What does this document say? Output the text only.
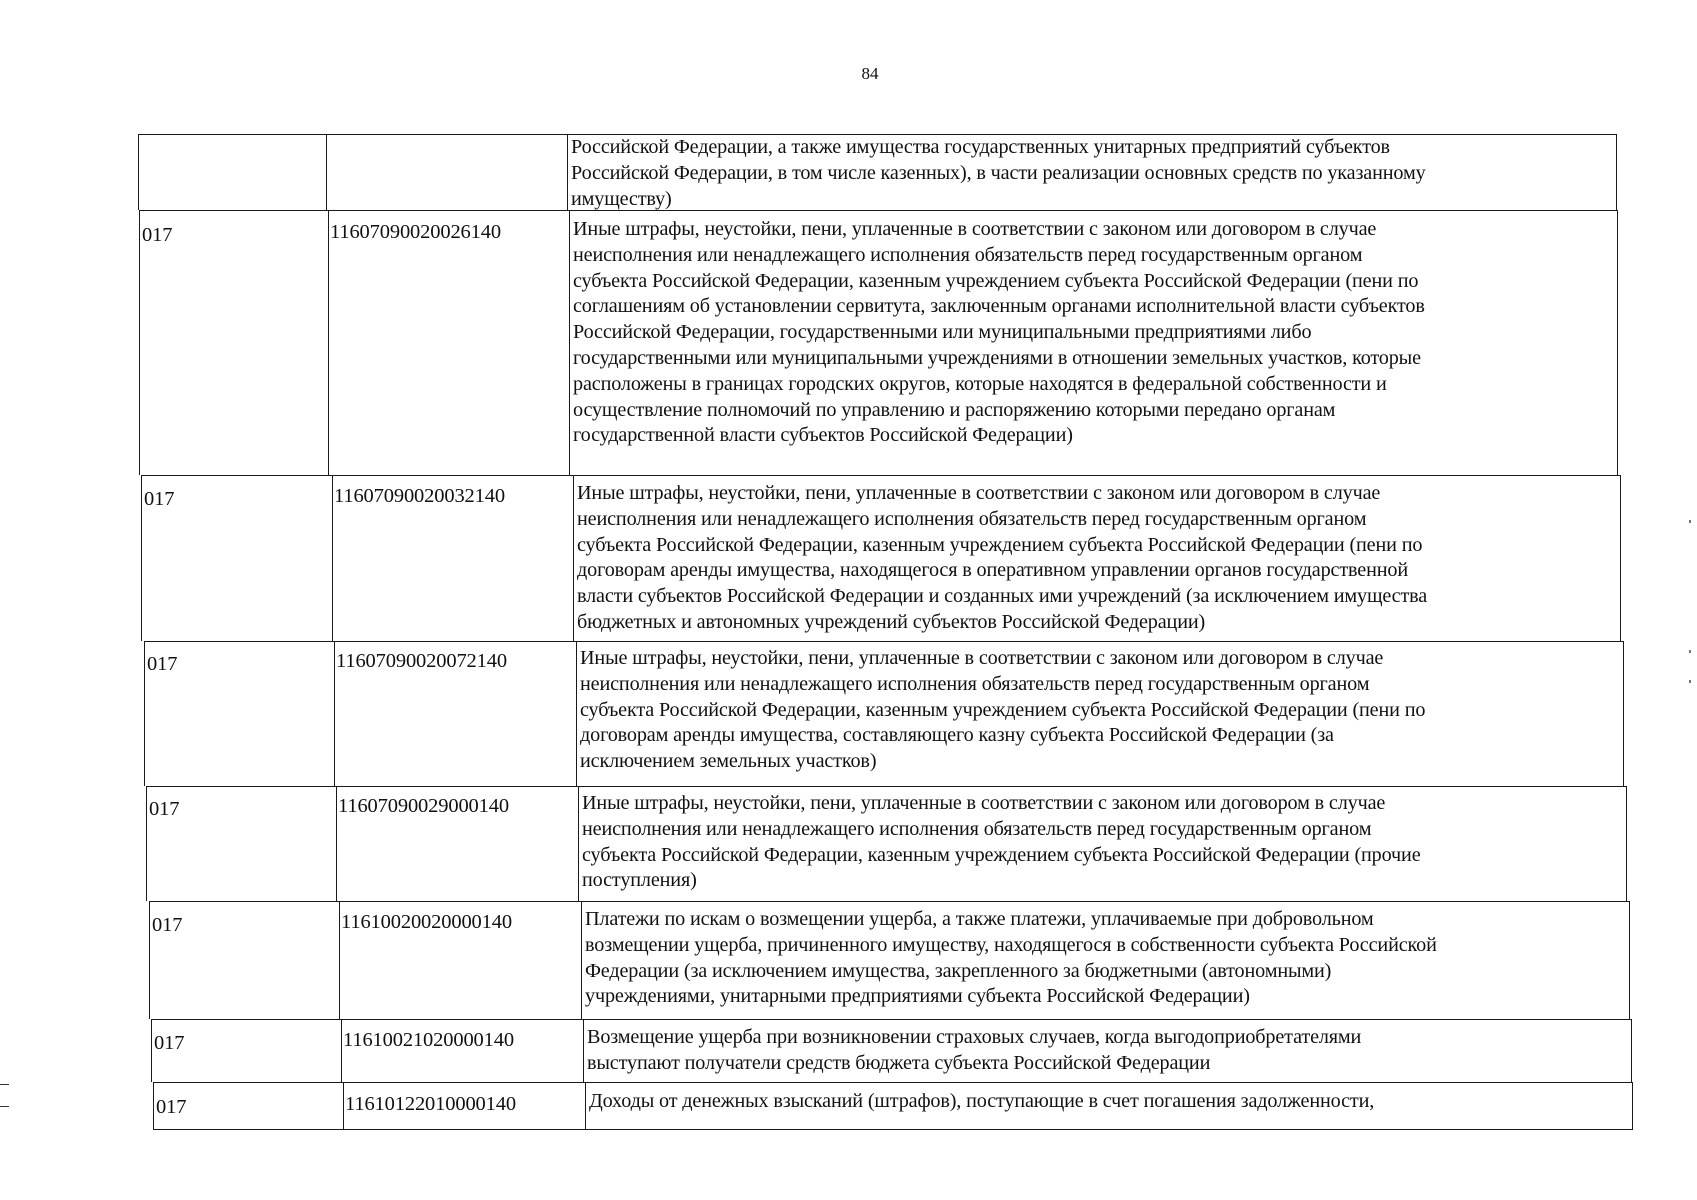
84
Российской Федерации, а также имущества государственных унитарных предприятий субъектов
Российской Федерации, в том числе казенных), в части реализации основных средств по указанному
имуществу)
017	11607090020026140	Иные штрафы, неустойки, пени, уплаченные в соответствии с законом или договором в случае
неисполнения или ненадлежащего исполнения обязательств перед государственным органом
субъекта Российской Федерации, казенным учреждением субъекта Российской Федерации (пени по
соглашениям об установлении сервитута, заключенным органами исполнительной власти субъектов
Российской Федерации, государственными или муниципальными предприятиями либо
государственными или муниципальными учреждениями в отношении земельных участков, которые
расположены в границах городских округов, которые находятся в федеральной собственности и
осуществление полномочий по управлению и распоряжению которыми передано органам
государственной власти субъектов Российской Федерации)
017	11607090020032140	Иные штрафы, неустойки, пени, уплаченные в соответствии с законом или договором в случае
неисполнения или ненадлежащего исполнения обязательств перед государственным органом
субъекта Российской Федерации, казенным учреждением субъекта Российской Федерации (пени по
договорам аренды имущества, находящегося в оперативном управлении органов государственной
власти субъектов Российской Федерации и созданных ими учреждений (за исключением имущества
бюджетных и автономных учреждений субъектов Российской Федерации)
017	11607090020072140	Иные штрафы, неустойки, пени, уплаченные в соответствии с законом или договором в случае
неисполнения или ненадлежащего исполнения обязательств перед государственным органом
субъекта Российской Федерации, казенным учреждением субъекта Российской Федерации (пени по
договорам аренды имущества, составляющего казну субъекта Российской Федерации (за
исключением земельных участков)
017	11607090029000140	Иные штрафы, неустойки, пени, уплаченные в соответствии с законом или договором в случае
неисполнения или ненадлежащего исполнения обязательств перед государственным органом
субъекта Российской Федерации, казенным учреждением субъекта Российской Федерации (прочие
поступления)
017	11610020020000140	Платежи по искам о возмещении ущерба, а также платежи, уплачиваемые при добровольном
возмещении ущерба, причиненного имуществу, находящегося в собственности субъекта Российской
Федерации (за исключением имущества, закрепленного за бюджетными (автономными)
учреждениями, унитарными предприятиями субъекта Российской Федерации)
017	11610021020000140	Возмещение ущерба при возникновении страховых случаев, когда выгодоприобретателями
выступают получатели средств бюджета субъекта Российской Федерации
017	11610122010000140	Доходы от денежных взысканий (штрафов), поступающие в счет погашения задолженности,
